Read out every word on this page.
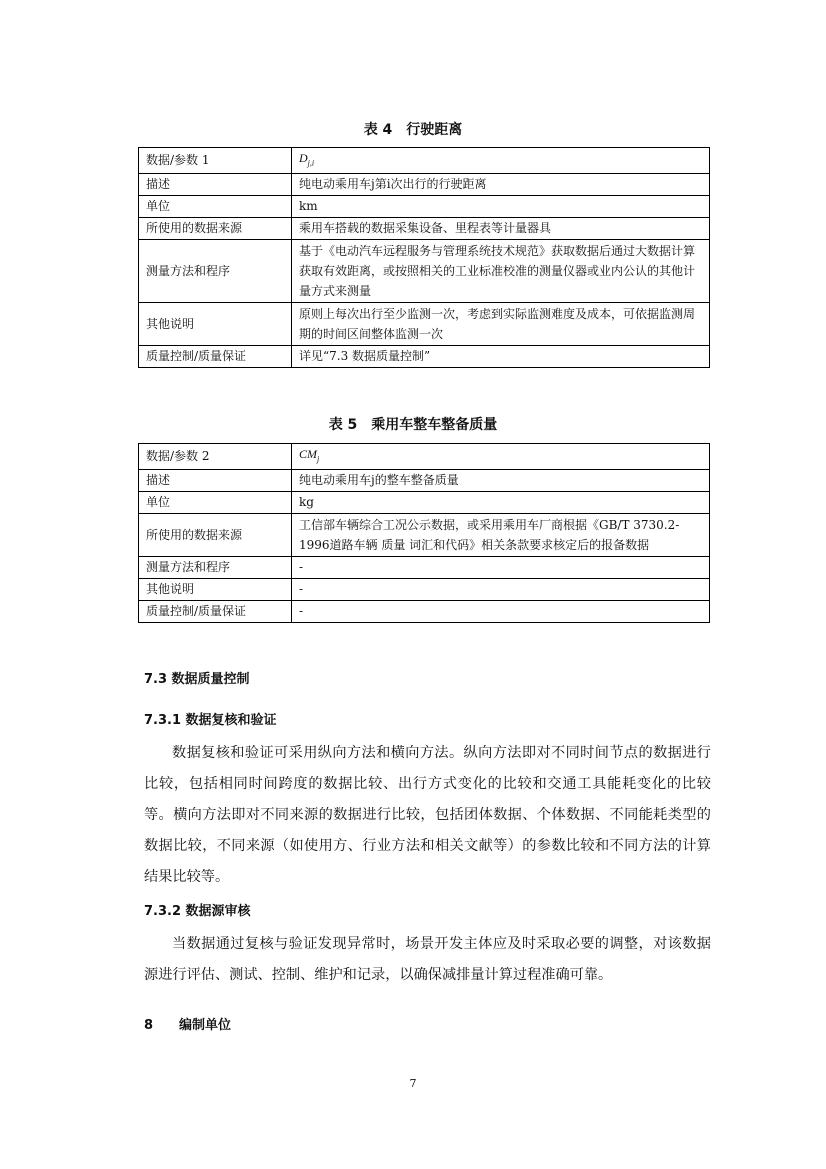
表 4　行驶距离
数据/参数 1	$D_{j,i}$
描述	纯电动乘用车j第i次出行的行驶距离
单位	km
所使用的数据来源	乘用车搭载的数据采集设备、里程表等计量器具
测量方法和程序	基于《电动汽车远程服务与管理系统技术规范》获取数据后通过大数据计算获取有效距离，或按照相关的工业标准校准的测量仪器或业内公认的其他计量方式来测量
其他说明	原则上每次出行至少监测一次，考虑到实际监测难度及成本，可依据监测周期的时间区间整体监测一次
质量控制/质量保证	详见“7.3 数据质量控制”
表 5　乘用车整车整备质量
数据/参数 2	$CM_j$
描述	纯电动乘用车j的整车整备质量
单位	kg
所使用的数据来源	工信部车辆综合工况公示数据，或采用乘用车厂商根据《GB/T 3730.2-1996道路车辆 质量 词汇和代码》相关条款要求核定后的报备数据
测量方法和程序	-
其他说明	-
质量控制/质量保证	-
7.3 数据质量控制
7.3.1 数据复核和验证

数据复核和验证可采用纵向方法和横向方法。纵向方法即对不同时间节点的数据进行比较，包括相同时间跨度的数据比较、出行方式变化的比较和交通工具能耗变化的比较等。横向方法即对不同来源的数据进行比较，包括团体数据、个体数据、不同能耗类型的数据比较，不同来源（如使用方、行业方法和相关文献等）的参数比较和不同方法的计算结果比较等。

7.3.2 数据源审核

当数据通过复核与验证发现异常时，场景开发主体应及时采取必要的调整，对该数据源进行评估、测试、控制、维护和记录，以确保减排量计算过程准确可靠。

8　　编制单位
7
